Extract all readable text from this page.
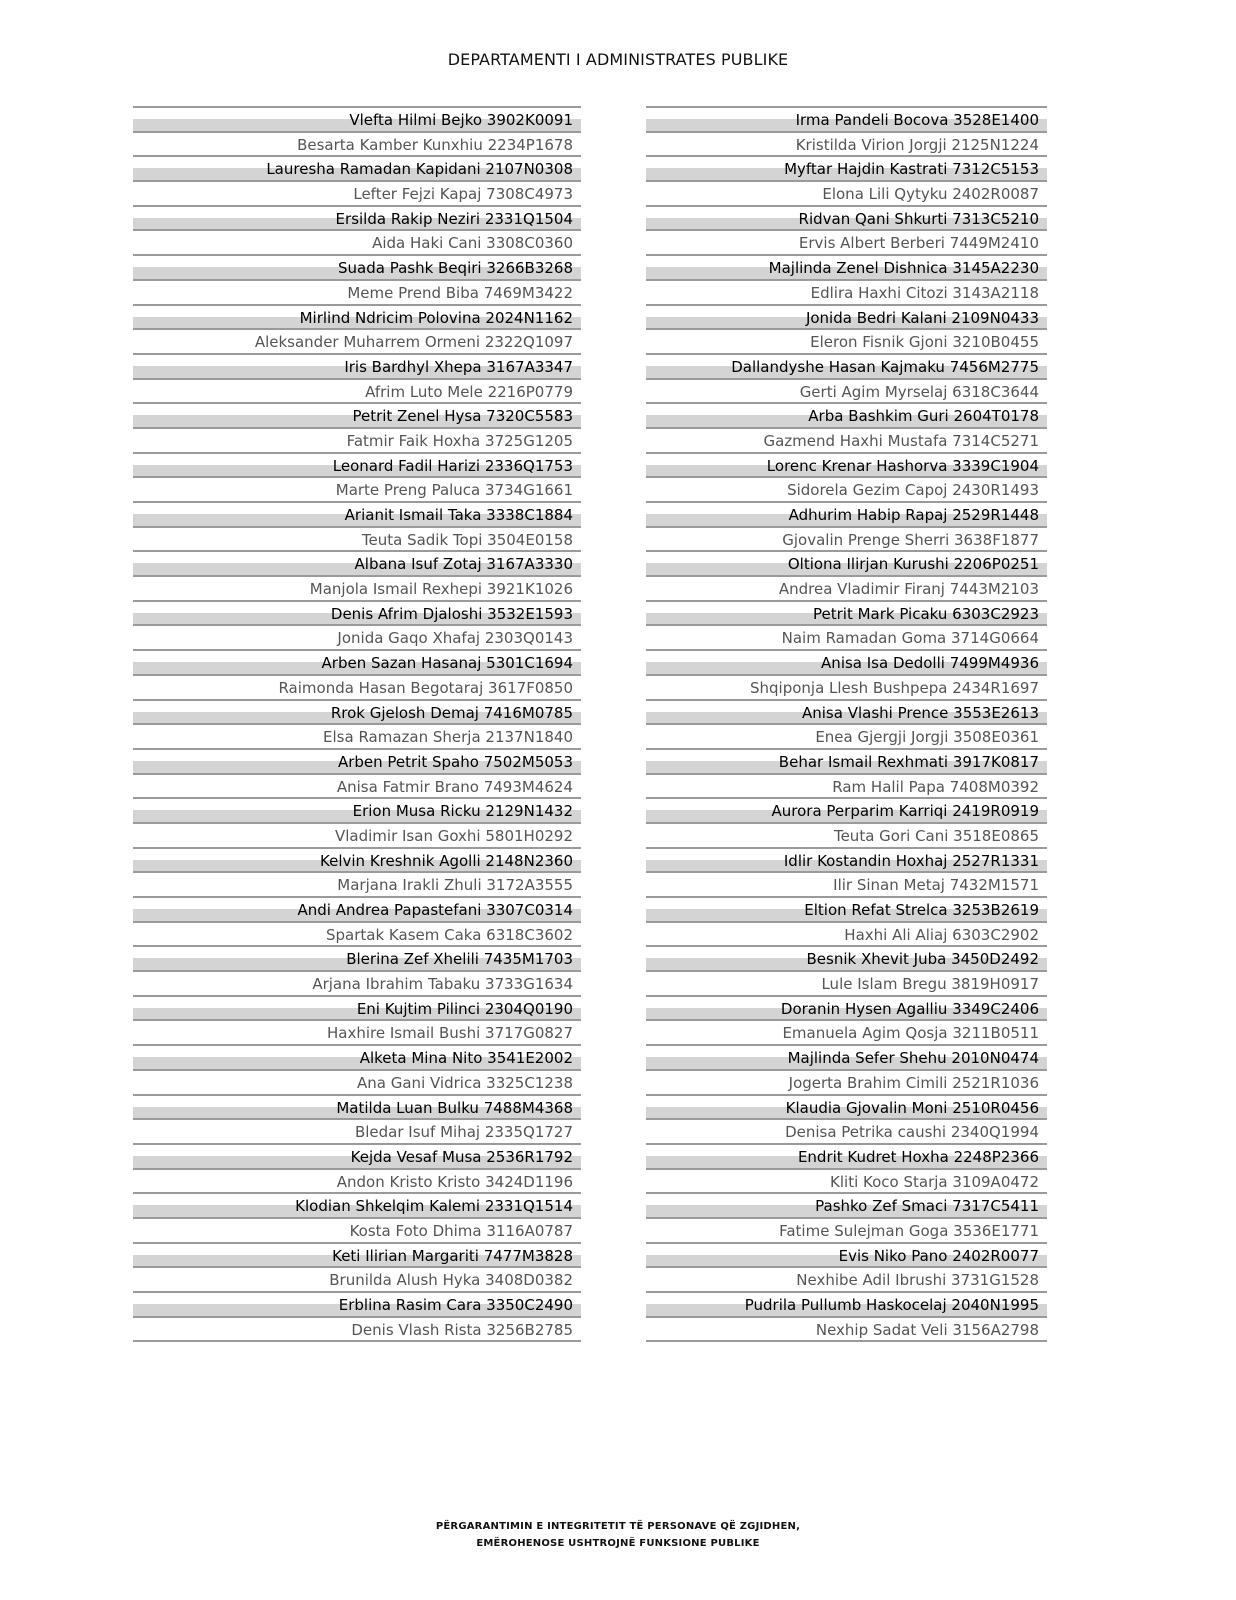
DEPARTAMENTI I ADMINISTRATES PUBLIKE
Vlefta Hilmi Bejko 3902K0091
Besarta Kamber Kunxhiu 2234P1678
Lauresha Ramadan Kapidani 2107N0308
Lefter Fejzi Kapaj 7308C4973
Ersilda Rakip Neziri 2331Q1504
Aida Haki Cani 3308C0360
Suada Pashk Beqiri 3266B3268
Meme Prend Biba 7469M3422
Mirlind Ndricim Polovina 2024N1162
Aleksander Muharrem Ormeni 2322Q1097
Iris Bardhyl Xhepa 3167A3347
Afrim Luto Mele 2216P0779
Petrit Zenel Hysa 7320C5583
Fatmir Faik Hoxha 3725G1205
Leonard Fadil Harizi 2336Q1753
Marte Preng Paluca 3734G1661
Arianit Ismail Taka 3338C1884
Teuta Sadik Topi 3504E0158
Albana Isuf Zotaj 3167A3330
Manjola Ismail Rexhepi 3921K1026
Denis Afrim Djaloshi 3532E1593
Jonida Gaqo Xhafaj 2303Q0143
Arben Sazan Hasanaj 5301C1694
Raimonda Hasan Begotaraj 3617F0850
Rrok Gjelosh Demaj 7416M0785
Elsa Ramazan Sherja 2137N1840
Arben Petrit Spaho 7502M5053
Anisa Fatmir Brano 7493M4624
Erion Musa Ricku 2129N1432
Vladimir Isan Goxhi 5801H0292
Kelvin Kreshnik Agolli 2148N2360
Marjana Irakli Zhuli 3172A3555
Andi Andrea Papastefani 3307C0314
Spartak Kasem Caka 6318C3602
Blerina Zef Xhelili 7435M1703
Arjana Ibrahim Tabaku 3733G1634
Eni Kujtim Pilinci 2304Q0190
Haxhire Ismail Bushi 3717G0827
Alketa Mina Nito 3541E2002
Ana Gani Vidrica 3325C1238
Matilda Luan Bulku 7488M4368
Bledar Isuf Mihaj 2335Q1727
Kejda Vesaf Musa 2536R1792
Andon Kristo Kristo 3424D1196
Klodian Shkelqim Kalemi 2331Q1514
Kosta Foto Dhima 3116A0787
Keti Ilirian Margariti 7477M3828
Brunilda Alush Hyka 3408D0382
Erblina Rasim Cara 3350C2490
Denis Vlash Rista 3256B2785
Irma Pandeli Bocova 3528E1400
Kristilda Virion Jorgji 2125N1224
Myftar Hajdin Kastrati 7312C5153
Elona Lili Qytyku 2402R0087
Ridvan Qani Shkurti 7313C5210
Ervis Albert Berberi 7449M2410
Majlinda Zenel Dishnica 3145A2230
Edlira Haxhi Citozi 3143A2118
Jonida Bedri Kalani 2109N0433
Eleron Fisnik Gjoni 3210B0455
Dallandyshe Hasan Kajmaku 7456M2775
Gerti Agim Myrselaj 6318C3644
Arba Bashkim Guri 2604T0178
Gazmend Haxhi Mustafa 7314C5271
Lorenc Krenar Hashorva 3339C1904
Sidorela Gezim Capoj 2430R1493
Adhurim Habip Rapaj 2529R1448
Gjovalin Prenge Sherri 3638F1877
Oltiona Ilirjan Kurushi 2206P0251
Andrea Vladimir Firanj 7443M2103
Petrit Mark Picaku 6303C2923
Naim Ramadan Goma 3714G0664
Anisa Isa Dedolli 7499M4936
Shqiponja Llesh Bushpepa 2434R1697
Anisa Vlashi Prence 3553E2613
Enea Gjergji Jorgji 3508E0361
Behar Ismail Rexhmati 3917K0817
Ram Halil Papa 7408M0392
Aurora Perparim Karriqi 2419R0919
Teuta Gori Cani 3518E0865
Idlir Kostandin Hoxhaj 2527R1331
Ilir Sinan Metaj 7432M1571
Eltion Refat Strelca 3253B2619
Haxhi Ali Aliaj 6303C2902
Besnik Xhevit Juba 3450D2492
Lule Islam Bregu 3819H0917
Doranin Hysen Agalliu 3349C2406
Emanuela Agim Qosja 3211B0511
Majlinda Sefer Shehu 2010N0474
Jogerta Brahim Cimili 2521R1036
Klaudia Gjovalin Moni 2510R0456
Denisa Petrika caushi 2340Q1994
Endrit Kudret Hoxha 2248P2366
Kliti Koco Starja 3109A0472
Pashko Zef Smaci 7317C5411
Fatime Sulejman Goga 3536E1771
Evis Niko Pano 2402R0077
Nexhibe Adil Ibrushi 3731G1528
Pudrila Pullumb Haskocelaj 2040N1995
Nexhip Sadat Veli 3156A2798
PËRGARANTIMIN E INTEGRITETIT TË PERSONAVE QË ZGJIDHEN,
EMËROHENOSE USHTROJNË FUNKSIONE PUBLIKE
